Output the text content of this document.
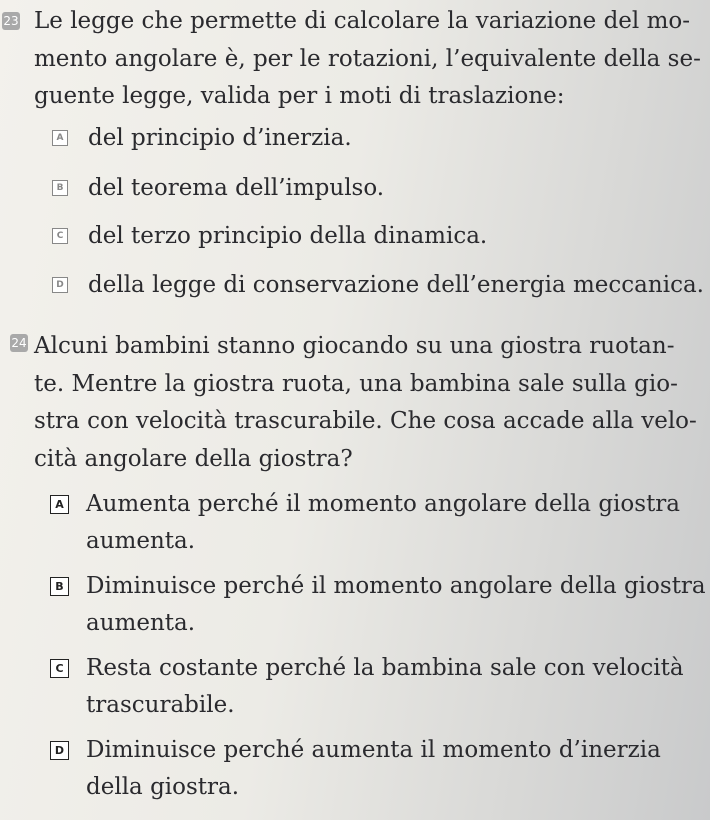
23 Le legge che permette di calcolare la variazione del mo-
mento angolare è, per le rotazioni, l’equivalente della se-
guente legge, valida per i moti di traslazione:
A	del principio d’inerzia.
B	del teorema dell’impulso.
C	del terzo principio della dinamica.
D	della legge di conservazione dell’energia meccanica.
24 Alcuni bambini stanno giocando su una giostra ruotan-
te. Mentre la giostra ruota, una bambina sale sulla gio-
stra con velocità trascurabile. Che cosa accade alla velo-
cità angolare della giostra?
A Aumenta perché il momento angolare della giostra
aumenta.
B Diminuisce perché il momento angolare della giostra
aumenta.
C Resta costante perché la bambina sale con velocità
trascurabile.
D Diminuisce perché aumenta il momento d’inerzia
della giostra.
